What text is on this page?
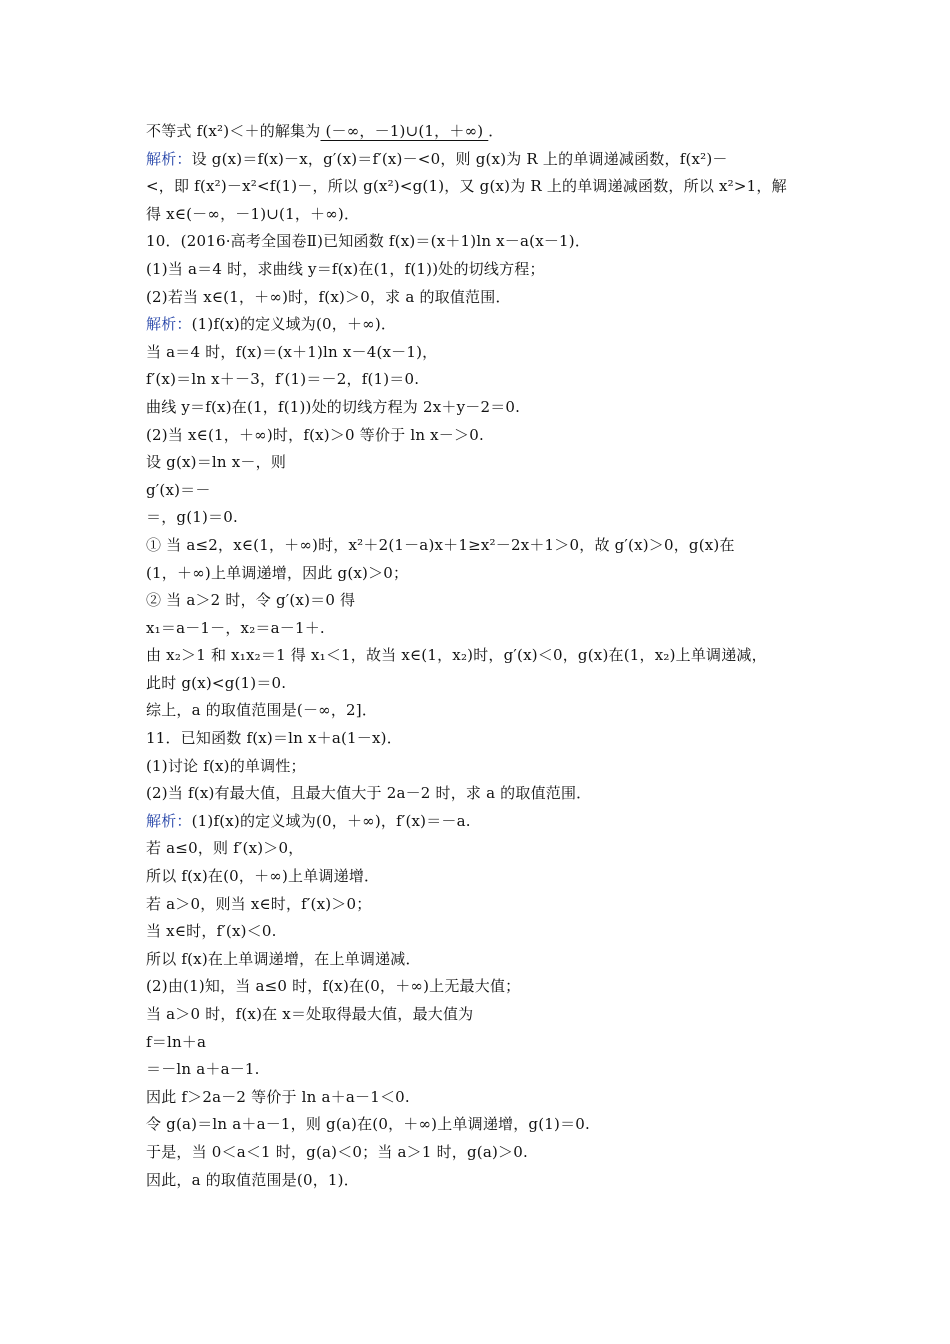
不等式 f(x²)＜＋的解集为 (－∞，－1)∪(1，＋∞) ．
解析：设 g(x)＝f(x)－x，g′(x)＝f′(x)－<0，则 g(x)为 R 上的单调递减函数，f(x²)－
<，即 f(x²)－x²<f(1)－，所以 g(x²)<g(1)，又 g(x)为 R 上的单调递减函数，所以 x²>1，解
得 x∈(－∞，－1)∪(1，＋∞)．
10．(2016·高考全国卷Ⅱ)已知函数 f(x)＝(x＋1)ln x－a(x－1)．
(1)当 a＝4 时，求曲线 y＝f(x)在(1，f(1))处的切线方程；
(2)若当 x∈(1，＋∞)时，f(x)＞0，求 a 的取值范围．
解析：(1)f(x)的定义域为(0，＋∞)．
当 a＝4 时，f(x)＝(x＋1)ln x－4(x－1)，
f′(x)＝ln x＋－3，f′(1)＝－2，f(1)＝0.
曲线 y＝f(x)在(1，f(1))处的切线方程为 2x＋y－2＝0.
(2)当 x∈(1，＋∞)时，f(x)＞0 等价于 ln x－＞0.
设 g(x)＝ln x－，则
g′(x)＝－
＝，g(1)＝0.
① 当 a≤2，x∈(1，＋∞)时，x²＋2(1－a)x＋1≥x²－2x＋1＞0，故 g′(x)＞0，g(x)在
(1，＋∞)上单调递增，因此 g(x)＞0；
② 当 a＞2 时，令 g′(x)＝0 得
x₁＝a－1－，x₂＝a－1＋.
由 x₂＞1 和 x₁x₂＝1 得 x₁＜1，故当 x∈(1，x₂)时，g′(x)＜0，g(x)在(1，x₂)上单调递减，
此时 g(x)<g(1)＝0.
综上，a 的取值范围是(－∞，2]．
11．已知函数 f(x)＝ln x＋a(1－x)．
(1)讨论 f(x)的单调性；
(2)当 f(x)有最大值，且最大值大于 2a－2 时，求 a 的取值范围．
解析：(1)f(x)的定义域为(0，＋∞)，f′(x)＝－a.
若 a≤0，则 f′(x)＞0，
所以 f(x)在(0，＋∞)上单调递增．
若 a＞0，则当 x∈时，f′(x)＞0；
当 x∈时，f′(x)＜0.
所以 f(x)在上单调递增，在上单调递减．
(2)由(1)知，当 a≤0 时，f(x)在(0，＋∞)上无最大值；
当 a＞0 时，f(x)在 x＝处取得最大值，最大值为
f＝ln＋a
＝－ln a＋a－1.
因此 f＞2a－2 等价于 ln a＋a－1＜0.
令 g(a)＝ln a＋a－1，则 g(a)在(0，＋∞)上单调递增，g(1)＝0.
于是，当 0＜a＜1 时，g(a)＜0；当 a＞1 时，g(a)＞0.
因此，a 的取值范围是(0，1)．
